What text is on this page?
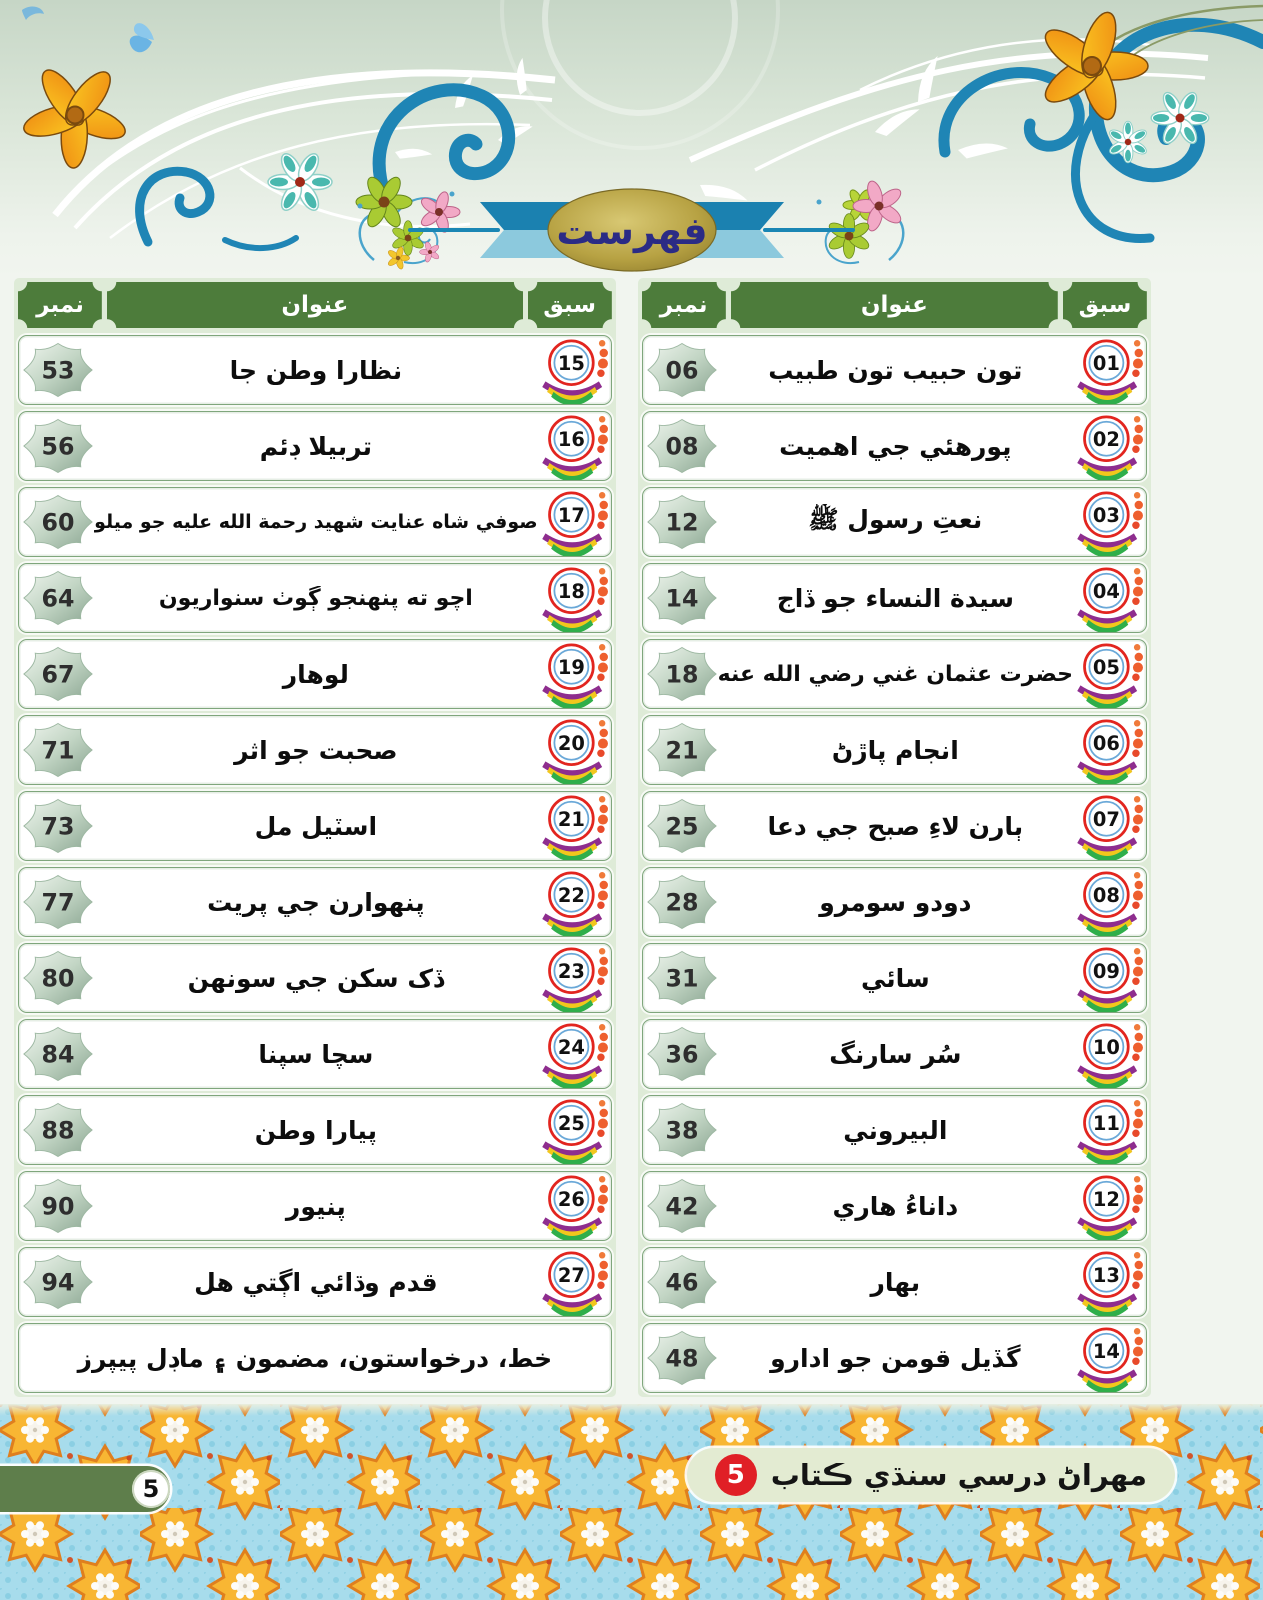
فهرست
سبق
عنوان
نمبر
01
تون حبيب تون طبيب
06
02
پورهئي جي اهميت
08
03
نعتِ رسول ﷺ
12
04
سيدة النساء جو ڏاج
14
05
حضرت عثمان غني رضي الله عنه
18
06
انجام پاڙڻ
21
07
ٻارن لاءِ صبح جي دعا
25
08
دودو سومرو
28
09
سائي
31
10
سُر سارنگ
36
11
البيروني
38
12
داناءُ هاري
42
13
بهار
46
14
گڏيل قومن جو ادارو
48
سبق
عنوان
نمبر
15
نظارا وطن جا
53
16
تربيلا ڊئم
56
17
صوفي شاه عنايت شهيد رحمة الله عليه جو ميلو
60
18
اچو ته پنهنجو ڳوٺ سنواريون
64
19
لوهار
67
20
صحبت جو اثر
71
21
اسٽيل مل
73
22
پنهوارن جي پريت
77
23
ڏک سکن جي سونهن
80
24
سچا سپنا
84
25
پيارا وطن
88
26
پنيور
90
27
قدم وڌائي اڳتي هل
94
خط، درخواستون، مضمون ۽ ماڊل پيپرز
مهراڻ درسي سنڌي ڪتاب
5
5
